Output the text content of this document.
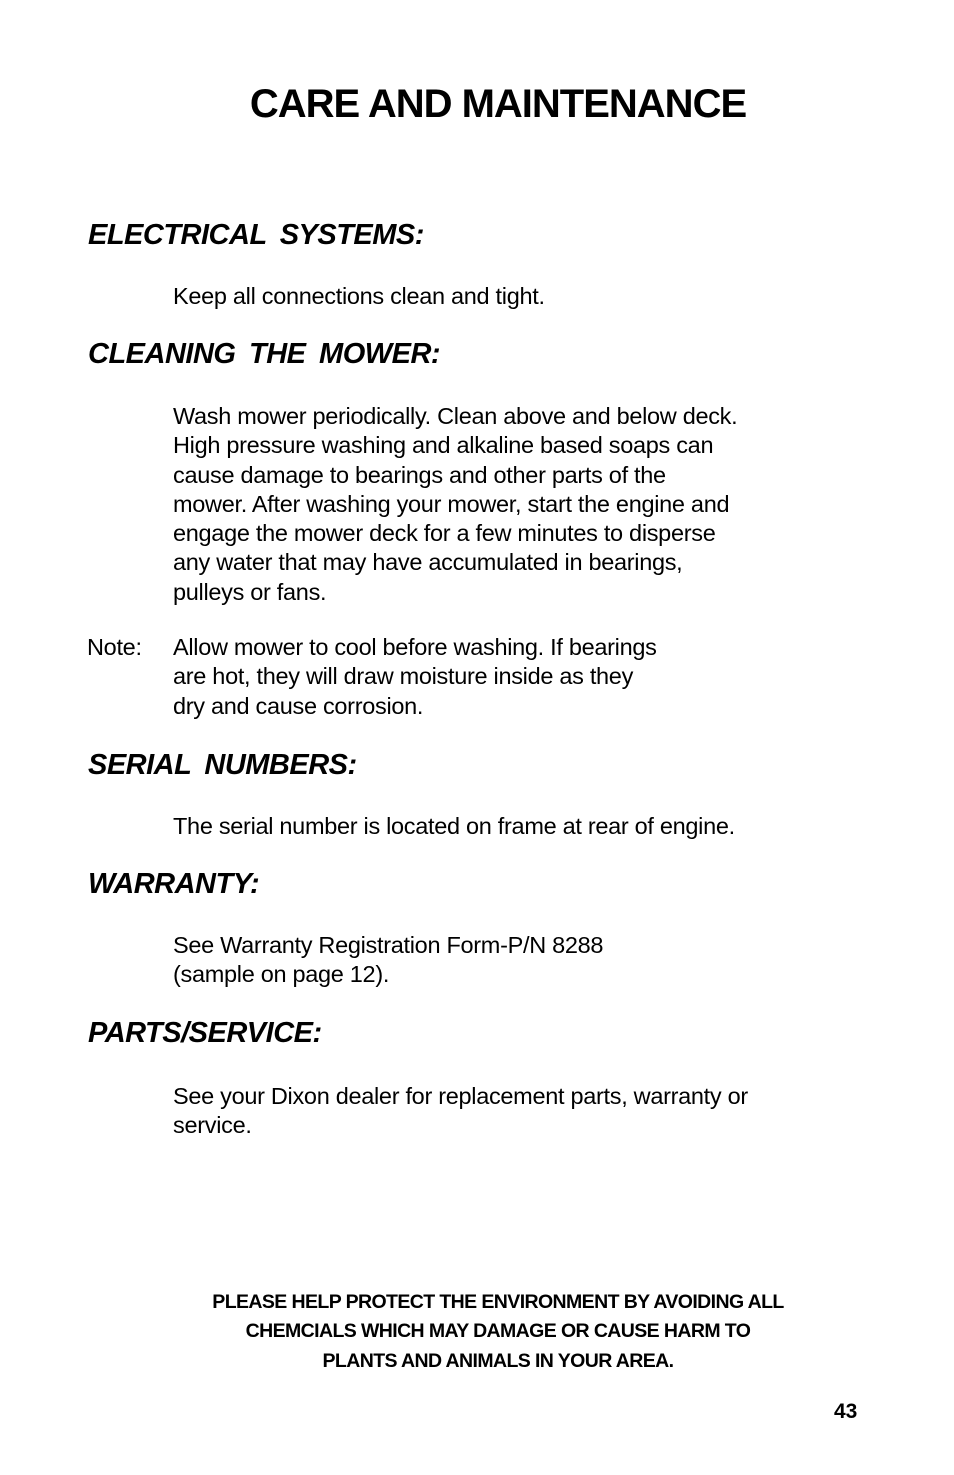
CARE AND MAINTENANCE
ELECTRICAL SYSTEMS:

Keep all connections clean and tight.

CLEANING THE MOWER:
Wash mower periodically. Clean above and below deck.
High pressure washing and alkaline based soaps can
cause damage to bearings and other parts of the
mower. After washing your mower, start the engine and
engage the mower deck for a few minutes to disperse
any water that may have accumulated in bearings,
pulleys or fans.

Note: Allow mower to cool before washing. If bearings
are hot, they will draw moisture inside as they
dry and cause corrosion.
SERIAL NUMBERS:

The serial number is located on frame at rear of engine.

WARRANTY:
See Warranty Registration Form-P/N 8288
(sample on page 12).
PARTS/SERVICE:
See your Dixon dealer for replacement parts, warranty or
service.
PLEASE HELP PROTECT THE ENVIRONMENT BY AVOIDING ALL
CHEMCIALS WHICH MAY DAMAGE OR CAUSE HARM TO
PLANTS AND ANIMALS IN YOUR AREA.

43
